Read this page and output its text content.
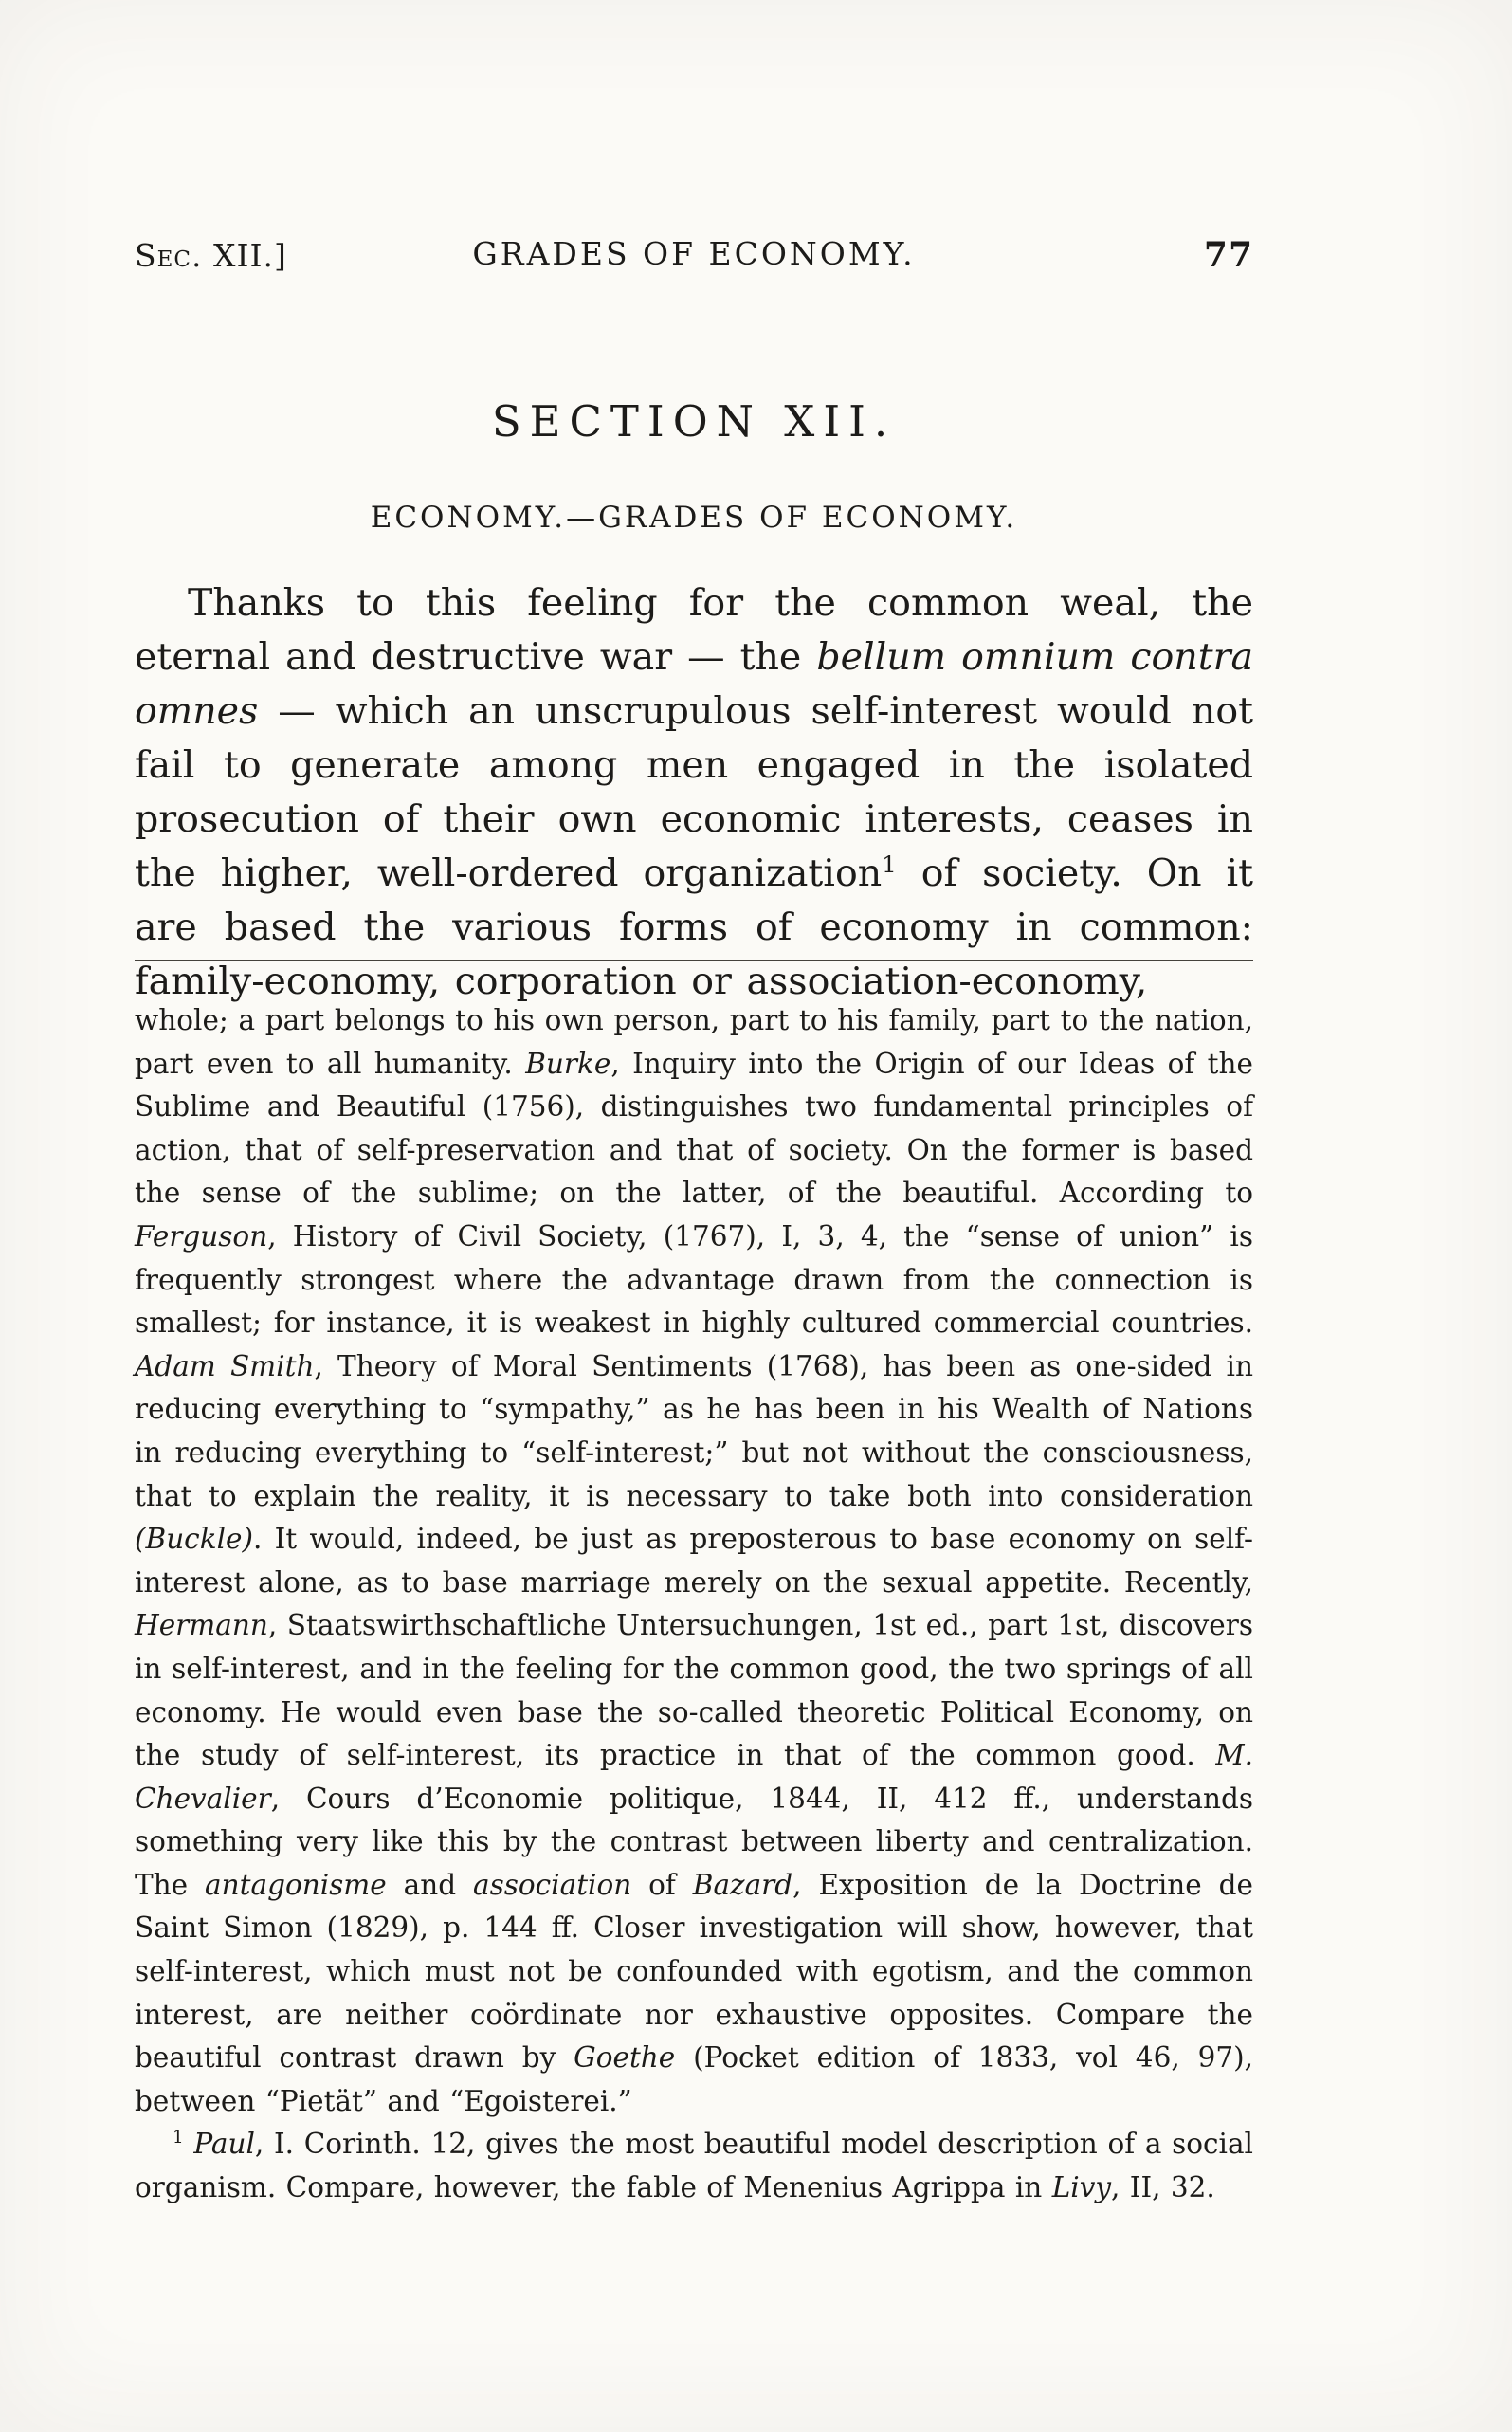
Sec. XII.]	GRADES OF ECONOMY.	77
SECTION XII.
ECONOMY.—GRADES OF ECONOMY.

Thanks to this feeling for the common weal, the eternal and destructive war — the bellum omnium contra omnes — which an unscrupulous self-interest would not fail to generate among men engaged in the isolated prosecution of their own economic interests, ceases in the higher, well-ordered organization$^1$ of society. On it are based the various forms of economy in common: family-economy, corporation or association-economy,

whole; a part belongs to his own person, part to his family, part to the nation, part even to all humanity. Burke, Inquiry into the Origin of our Ideas of the Sublime and Beautiful (1756), distinguishes two fundamental principles of action, that of self-preservation and that of society. On the former is based the sense of the sublime; on the latter, of the beautiful. According to Ferguson, History of Civil Society, (1767), I, 3, 4, the “sense of union” is frequently strongest where the advantage drawn from the connection is smallest; for instance, it is weakest in highly cultured commercial countries. Adam Smith, Theory of Moral Sentiments (1768), has been as one-sided in reducing everything to “sympathy,” as he has been in his Wealth of Nations in reducing everything to “self-interest;” but not without the consciousness, that to explain the reality, it is necessary to take both into consideration (Buckle). It would, indeed, be just as preposterous to base economy on self-interest alone, as to base marriage merely on the sexual appetite. Recently, Hermann, Staatswirthschaftliche Untersuchungen, 1st ed., part 1st, discovers in self-interest, and in the feeling for the common good, the two springs of all economy. He would even base the so-called theoretic Political Economy, on the study of self-interest, its practice in that of the common good. M. Chevalier, Cours d’Economie politique, 1844, II, 412 ff., understands something very like this by the contrast between liberty and centralization. The antagonisme and association of Bazard, Exposition de la Doctrine de Saint Simon (1829), p. 144 ff. Closer investigation will show, however, that self-interest, which must not be confounded with egotism, and the common interest, are neither coördinate nor exhaustive opposites. Compare the beautiful contrast drawn by Goethe (Pocket edition of 1833, vol 46, 97), between “Pietät” and “Egoisterei.”

$^1$ Paul, I. Corinth. 12, gives the most beautiful model description of a social organism. Compare, however, the fable of Menenius Agrippa in Livy, II, 32.
